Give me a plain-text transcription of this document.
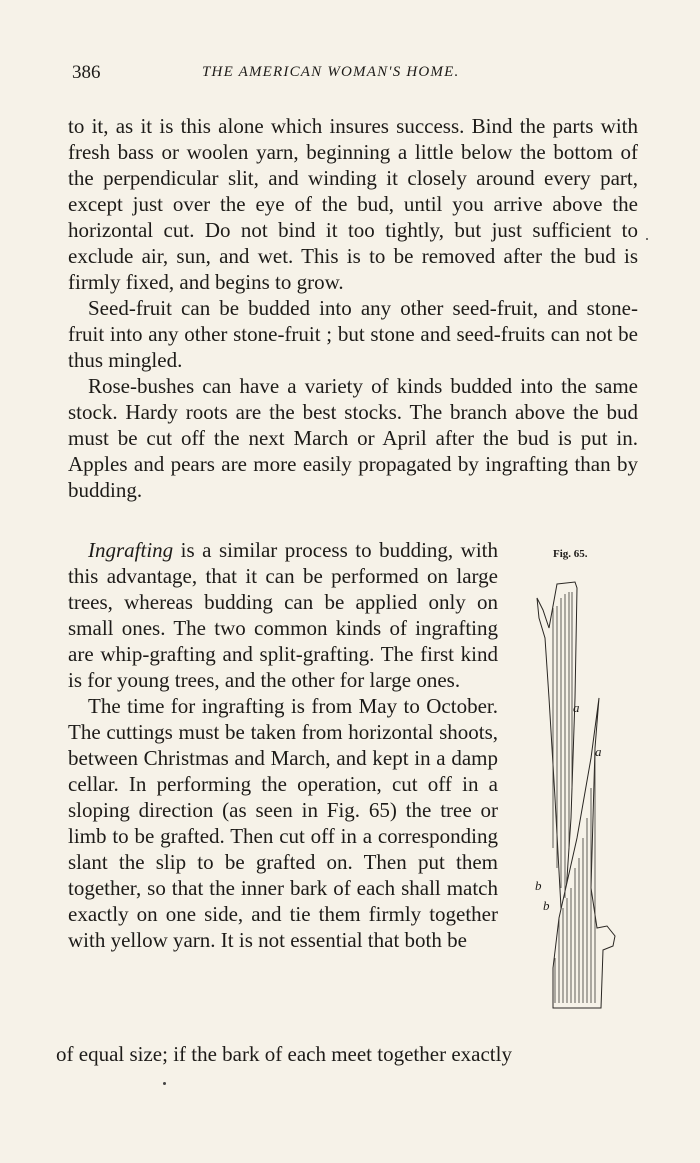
386	THE AMERICAN WOMAN'S HOME.

to it, as it is this alone which insures success. Bind the parts with fresh bass or woolen yarn, beginning a little below the bottom of the perpendicular slit, and winding it closely around every part, except just over the eye of the bud, until you arrive above the horizontal cut. Do not bind it too tightly, but just sufficient to exclude air, sun, and wet. This is to be removed after the bud is firmly fixed, and begins to grow.

Seed-fruit can be budded into any other seed-fruit, and stone-fruit into any other stone-fruit ; but stone and seed-fruits can not be thus mingled.

Rose-bushes can have a variety of kinds budded into the same stock. Hardy roots are the best stocks. The branch above the bud must be cut off the next March or April after the bud is put in. Apples and pears are more easily propagated by ingrafting than by budding.

Ingrafting is a similar process to budding, with this advantage, that it can be performed on large trees, whereas budding can be applied only on small ones. The two common kinds of ingrafting are whip-grafting and split-grafting. The first kind is for young trees, and the other for large ones.

The time for ingrafting is from May to October. The cuttings must be taken from horizontal shoots, between Christmas and March, and kept in a damp cellar. In performing the operation, cut off in a sloping direction (as seen in Fig. 65) the tree or limb to be grafted. Then cut off in a corresponding slant the slip to be grafted on. Then put them together, so that the inner bark of each shall match exactly on one side, and tie them firmly together with yellow yarn. It is not essential that both be

of equal size; if the bark of each meet together exactly
Fig. 65.
a
a
b
b
